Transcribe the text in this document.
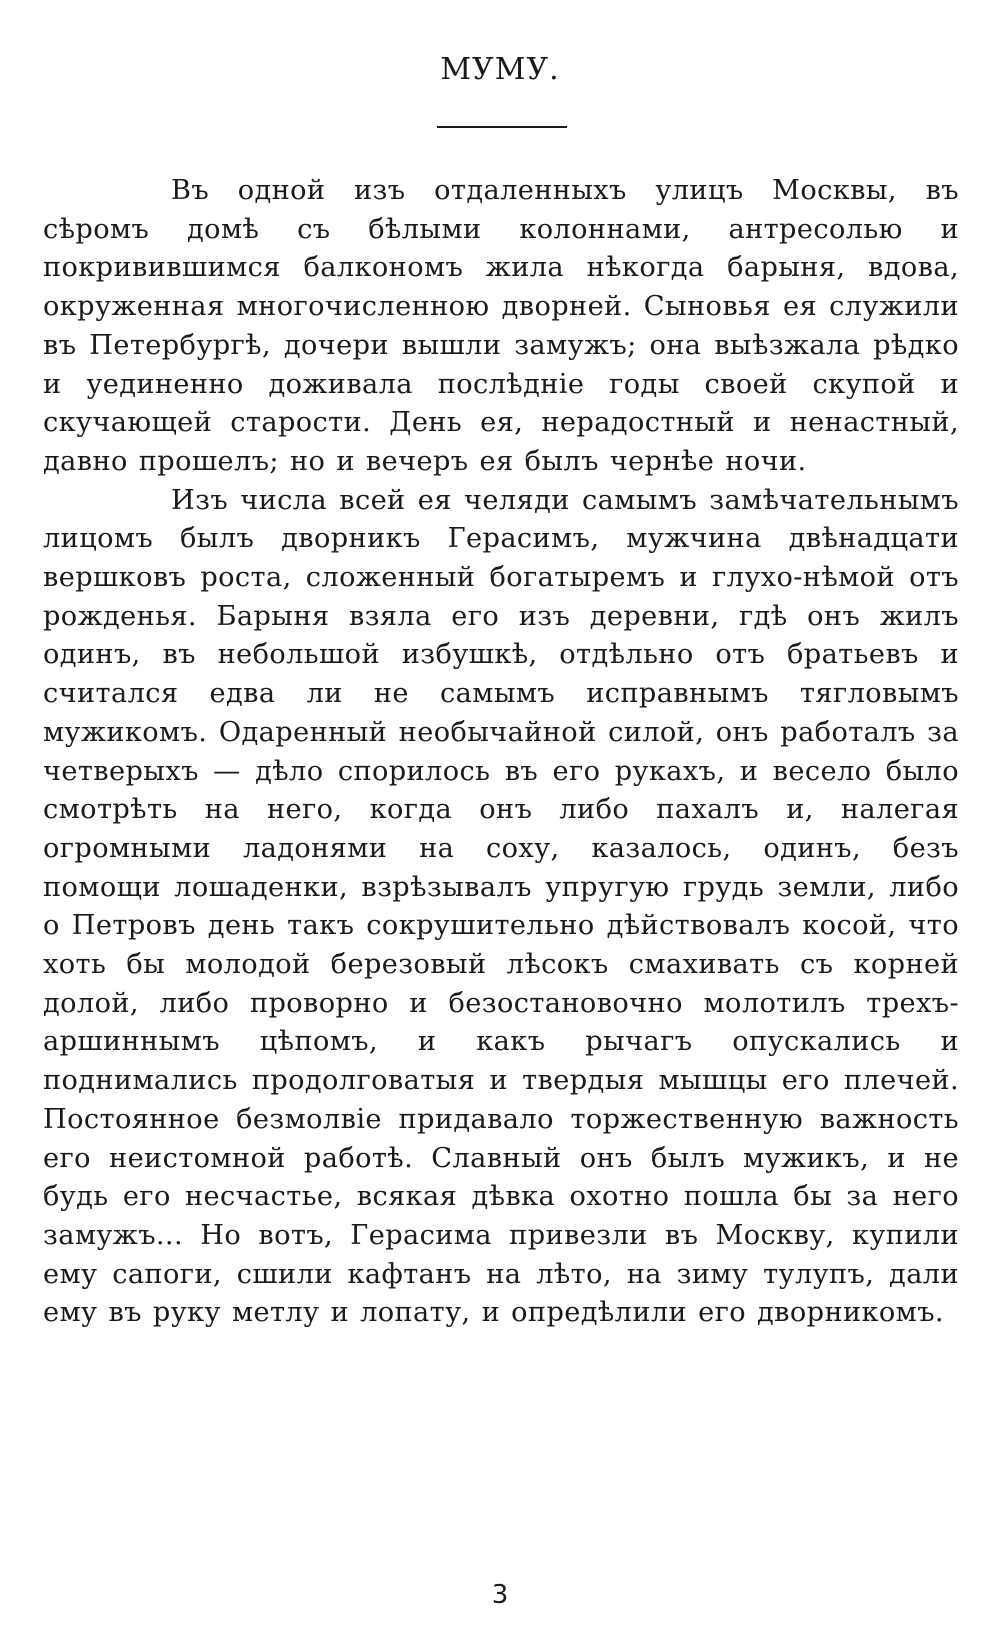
МУМУ.

Въ одной изъ отдаленныхъ улицъ Москвы, въ сѣромъ домѣ съ бѣлыми колоннами, антресолью и покривившимся балкономъ жила нѣкогда барыня, вдова, окруженная многочисленною дворней. Сыновья ея служили въ Петербургѣ, дочери вышли замужъ; она выѣзжала рѣдко и уединенно доживала послѣднiе годы своей скупой и скучающей старости. День ея, нерадостный и ненастный, давно прошелъ; но и вечеръ ея былъ чернѣе ночи.

Изъ числа всей ея челяди самымъ замѣчательнымъ лицомъ былъ дворникъ Герасимъ, мужчина двѣнадцати вершковъ роста, сложенный богатыремъ и глухо-нѣмой отъ рожденья. Барыня взяла его изъ деревни, гдѣ онъ жилъ одинъ, въ небольшой избушкѣ, отдѣльно отъ братьевъ и считался едва ли не самымъ исправнымъ тягловымъ мужикомъ. Одаренный необычайной силой, онъ работалъ за четверыхъ — дѣло спорилось въ его рукахъ, и весело было смотрѣть на него, когда онъ либо пахалъ и, налегая огромными ладонями на соху, казалось, одинъ, безъ помощи лошаденки, взрѣзывалъ упругую грудь земли, либо о Петровъ день такъ сокрушительно дѣйствовалъ косой, что хоть бы молодой березовый лѣсокъ смахивать съ корней долой, либо проворно и безостановочно молотилъ трехъ-аршиннымъ цѣпомъ, и какъ рычагъ опускались и поднимались продолговатыя и твердыя мышцы его плечей. Постоянное безмолвiе придавало торжественную важность его неистомной работѣ. Славный онъ былъ мужикъ, и не будь его несчастье, всякая дѣвка охотно пошла бы за него замужъ... Но вотъ, Герасима привезли въ Москву, купили ему сапоги, сшили кафтанъ на лѣто, на зиму тулупъ, дали ему въ руку метлу и лопату, и опредѣлили его дворникомъ.

3
